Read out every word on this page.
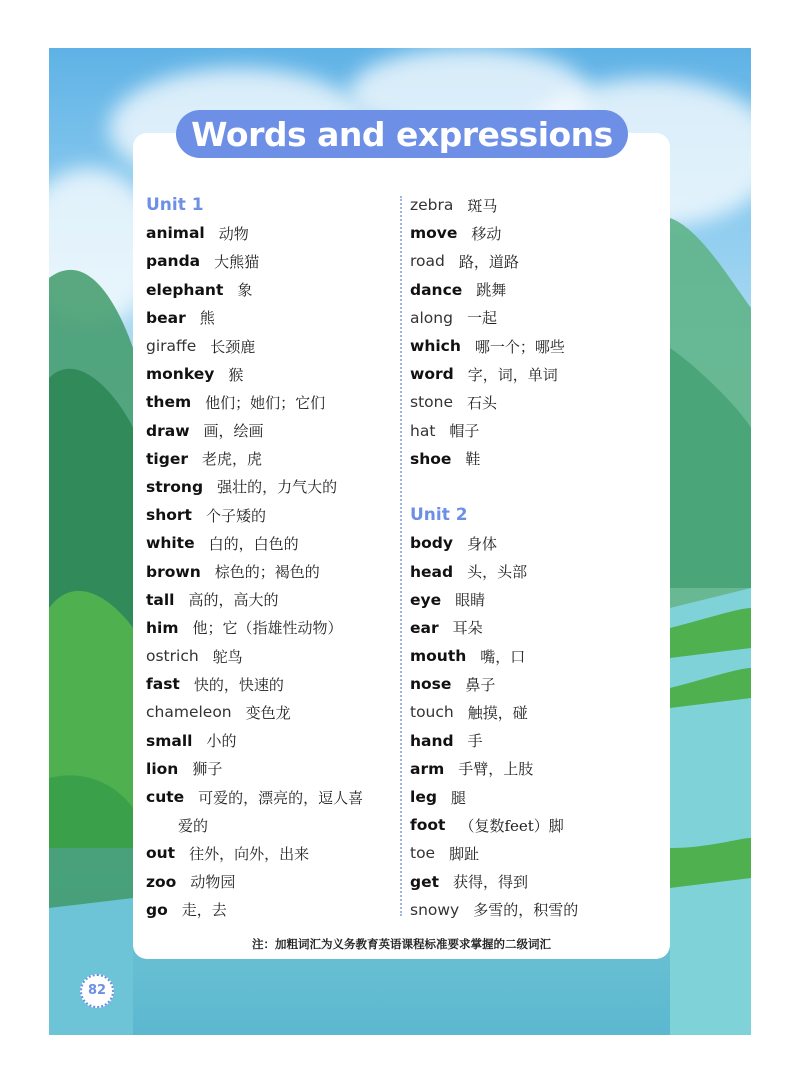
Words and expressions
Unit 1
animal 动物
panda 大熊猫
elephant 象
bear 熊
giraffe 长颈鹿
monkey 猴
them 他们；她们；它们
draw 画，绘画
tiger 老虎，虎
strong 强壮的，力气大的
short 个子矮的
white 白的，白色的
brown 棕色的；褐色的
tall 高的，高大的
him 他；它（指雄性动物）
ostrich 鸵鸟
fast 快的，快速的
chameleon 变色龙
small 小的
lion 狮子
cute 可爱的，漂亮的，逗人喜
爱的
out 往外，向外，出来
zoo 动物园
go 走，去
zebra 斑马
move 移动
road 路，道路
dance 跳舞
along 一起
which 哪一个；哪些
word 字，词，单词
stone 石头
hat 帽子
shoe 鞋
Unit 2
body 身体
head 头，头部
eye 眼睛
ear 耳朵
mouth 嘴，口
nose 鼻子
touch 触摸，碰
hand 手
arm 手臂，上肢
leg 腿
foot （复数feet）脚
toe 脚趾
get 获得，得到
snowy 多雪的，积雪的
注：加粗词汇为义务教育英语课程标准要求掌握的二级词汇
82
